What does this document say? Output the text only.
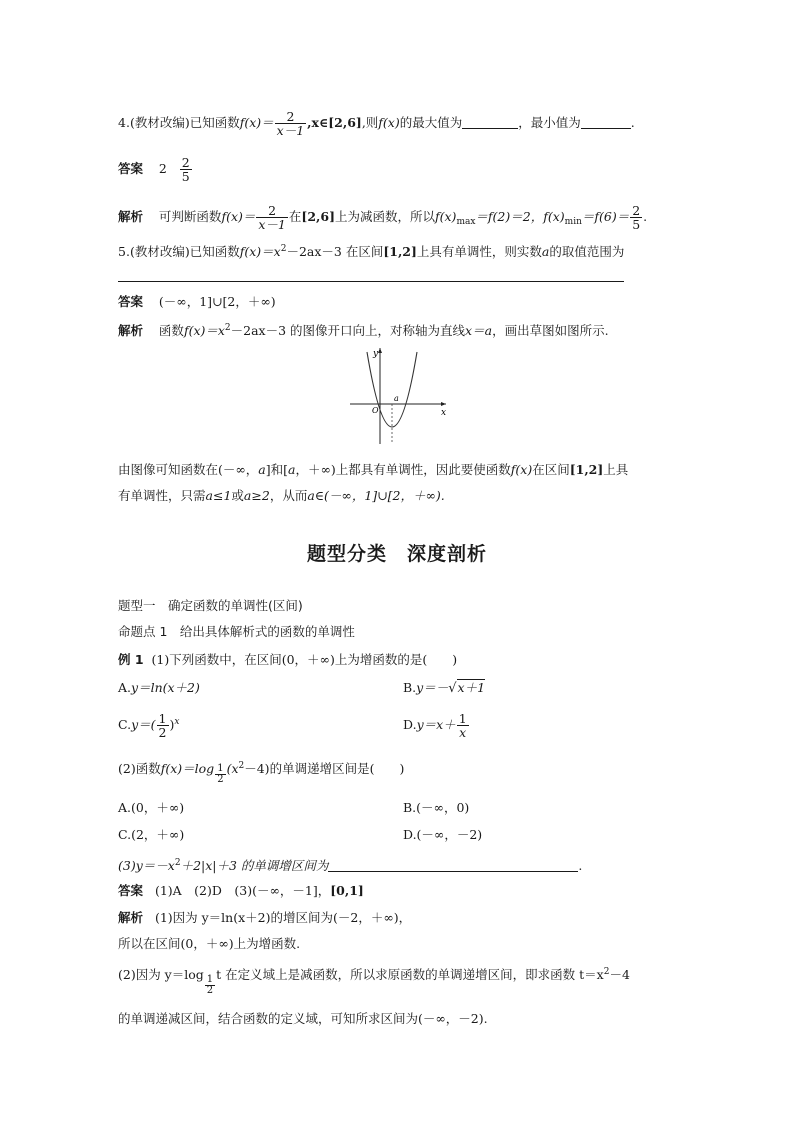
4.(教材改编)已知函数$f(x)= \frac{2}{x-1}$ ,x∈[2,6],则f(x)的最大值为	，最小值为	.
答案 $2 \frac{2}{5}$
解析 可判断函数$f(x)= \frac{2}{x-1}$ 在[2,6]上为减函数，所以$f(x)_{max}=f(2)=2$，$f(x)_{min}=f(6)= \frac{2}{5}$ .
5.(教材改编)已知函数$f(x)=x^2-2ax-3$ 在区间[1,2]上具有单调性，则实数a的取值范围为
答案 (－∞，1]∪[2，＋∞)
解析 函数$f(x)=x^2-2ax-3$ 的图像开口向上，对称轴为直线x＝a，画出草图如图所示.
y
x
O
a
由图像可知函数在(－∞，a]和[a，＋∞)上都具有单调性，因此要使函数f(x)在区间[1,2]上具
有单调性，只需a≤1或a≥2，从而a∈(－∞，1]∪[2，＋∞).
题型分类　深度剖析
题型一　确定函数的单调性(区间)
命题点 1　给出具体解析式的函数的单调性
例 1 (1)下列函数中，在区间(0，＋∞)上为增函数的是(　　)
A.y＝ln(x＋2)	B.y＝－√x＋1
$C.y=( \frac{1}{2} )^x$	$D.y=x+ \frac{1}{x}$
(2)函数$f(x)=\log \frac{1}{2} (x^2-4)$的单调递增区间是(　　)
A.(0，＋∞)	B.(－∞，0)
C.(2，＋∞)	D.(－∞，－2)
$(3)y=-x^2+2|x|+3$ 的单调增区间为	.
答案 (1)A　(2)D　(3)(－∞，－1]，[0,1]
解析 (1)因为 y＝ln(x＋2)的增区间为(－2，＋∞)，
所以在区间(0，＋∞)上为增函数.
(2)因为 y＝log
$\frac{1}{2}$
t 在定义域上是减函数，所以求原函数的单调递增区间，即求函数 $t=x^2-4$
的单调递减区间，结合函数的定义域，可知所求区间为(－∞，－2).
